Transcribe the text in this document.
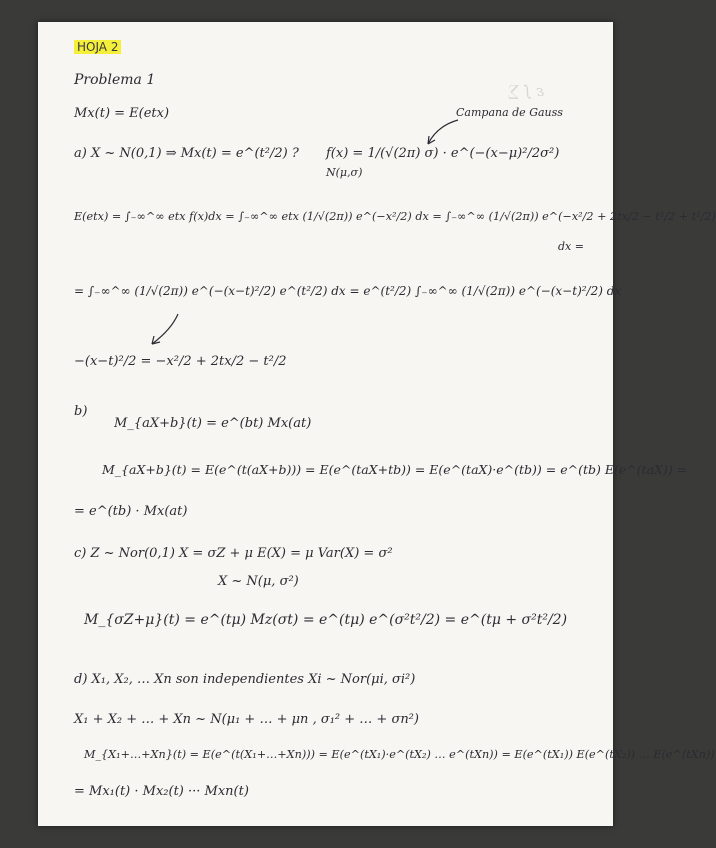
ɛ ∫ ∑
HOJA 2
Problema 1
Mx(t) = E(etx)	Campana de Gauss
a) X ~ N(0,1) ⇒ Mx(t) = e^(t²/2) ? f(x) = 1/(√(2π) σ) · e^(−(x−μ)²/2σ²)
N(μ,σ)
E(etx) = ∫₋∞^∞ etx f(x)dx = ∫₋∞^∞ etx (1/√(2π)) e^(−x²/2) dx = ∫₋∞^∞ (1/√(2π)) e^(−x²/2 + 2tx/2 − t²/2 + t²/2)
dx =
= ∫₋∞^∞ (1/√(2π)) e^(−(x−t)²/2) e^(t²/2) dx = e^(t²/2) ∫₋∞^∞ (1/√(2π)) e^(−(x−t)²/2) dx
−(x−t)²/2 = −x²/2 + 2tx/2 − t²/2
b)
M_{aX+b}(t) = e^(bt) Mx(at)
M_{aX+b}(t) = E(e^(t(aX+b))) = E(e^(taX+tb)) = E(e^(taX)·e^(tb)) = e^(tb) E(e^(taX)) =
= e^(tb) · Mx(at)
c) Z ~ Nor(0,1) X = σZ + μ E(X) = μ Var(X) = σ²
X ~ N(μ, σ²)
M_{σZ+μ}(t) = e^(tμ) Mz(σt) = e^(tμ) e^(σ²t²/2) = e^(tμ + σ²t²/2)
d) X₁, X₂, … Xn son independientes Xi ~ Nor(μi, σi²)
X₁ + X₂ + … + Xn ~ N(μ₁ + … + μn , σ₁² + … + σn²)
M_{X₁+…+Xn}(t) = E(e^(t(X₁+…+Xn))) = E(e^(tX₁)·e^(tX₂) … e^(tXn)) = E(e^(tX₁)) E(e^(tX₂)) … E(e^(tXn))
= Mx₁(t) · Mx₂(t) ··· Mxn(t)
